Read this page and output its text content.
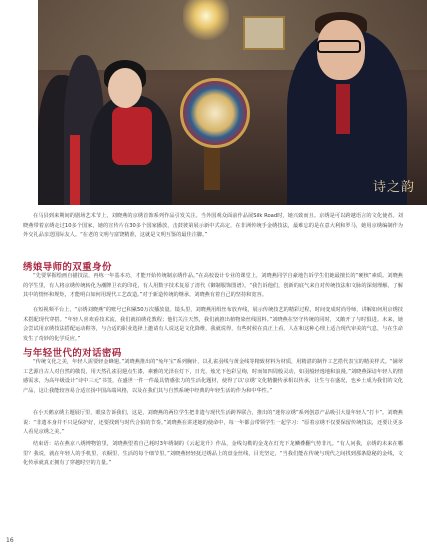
诗之韵

在马县到来期间的剧场艺术节上，刘晓燕的京绣首饰系列作品引发关注。当外国观众面前作品展Silk Road时，她兴致而且。京绣是可以跨越语言的文化使者。刘晓燕带着京绣走过10多个国家，她的宣传片在30多个国家播放，击鼓彼第展示新中式高定，在非洲传统手金绣技法，最难忘的是在意大利和罗马，她用京绣编制作为外交礼品亲送国际友人。“在老的文明与富饶精准，这就是文明互鉴的最佳注脚。”

绣娘导师的双重身份

“先要掌握绘画自描技法，再练一年基本功，才能开始传统制京绣作品。”在高校设计专业的课堂上，刘晓燕同学自豪地告诉学生们她最擅长的“硬核”素质。刘晓燕的学生里，有人将京绣传统转化为潮牌卫衣的印花，有人用数字技术复原了清代《御制服饰图谱》。“我告诉他们，创新的底气来自对传统技法和文脉的深刻理解，了解其中的情怀和规矩，才能明白如何用现代工艺改造。”对于新造传统的继承，刘晓燕有着自己的坚持和宽容。

在短视频平台上，“京绣刘晓燕”的账号已积累50万次播放量。镜头里，刘晓燕用绢丝布放弃线，展示传统技艺的精彩过程，时间变成时尚导师，讲解如何用京绣技术搭配现代穿搭。“年轻人喜欢看技术流，我们就拍绣花教程；他们关注天然，我们就推出植物染丝线国料。”刘晓燕在坚守传统的同时，又敞开了与时俱进。未来，她会尝试用京绣技法搭配运动鞋等，与合适的职业选择上邀请有人说这是文化降维，我就说得，有些时候在真正上看，人在和这种心理上适合现代审美的气息，与在生命发生了奇妙的化学反应。”

与年轻世代的对话密码

“传统文化之美，年轻人需要轻金蜂翅。”刘晓燕推出的“兔年宝”系列胸针，以孔雀羽线与黄金线等精致材料为材质，用精湛的制作工艺搭代表宝的精美样式。“铺翠工艺源自古人对自然的敬畏，用天然孔雀羽翅点生漆，素雅的光泽在灯下，日光、烛光下色彩呈绚，时而如四周般灵动，如羽般轻逸地和浪漫。”刘晓燕深谙年轻人的情感需求，为高年级设计“诗中三元”书签，在盛世一件一件最具情感张力的生活化题材，使得了以‘京绣’文化精髓传承相以传承，让生与在盛况，也乡土成为我们的文化产品，这让我能较容易合适宣扬中国高端风格，以及在我们其与自然系统中经典的年轻生活的作为和中华性。”

在小天鹅京绣主题展厅里，眼泉告诉我们，这是，刘晓燕的两位学生把非遗与现代生活跨界联合，推出的“迷你京绣”系列创意产品吸引大量年轻人“打卡”。刘晓燕说：“非遗本身并不只是保护好，还要找到与时代合拍的节奏。”刘晓燕在讲述她的使命中，每一年都会带领学生一起学习：“原着京绣不仅要保留传统技法，还要让更多人看见京绣之美。”

结束语：站在燕京八绣博物馆里，刘晓燕望着自己耗时3年绣制的《云起龙升》作品，金线勾勒的金龙在灯光下龙鳞叠翻气势非凡。“有人问我，京绣的未来在哪里？我说，就在年轻人的手机里、衣橱里、生活的每个细节里。”刘晓燕轻轻抚过绣品上的盘金丝线，目光坚定，“当我们能在传统与现代之间找到那条隐秘的金线，文化传承就真正拥有了穿越时空的力量。”

16
